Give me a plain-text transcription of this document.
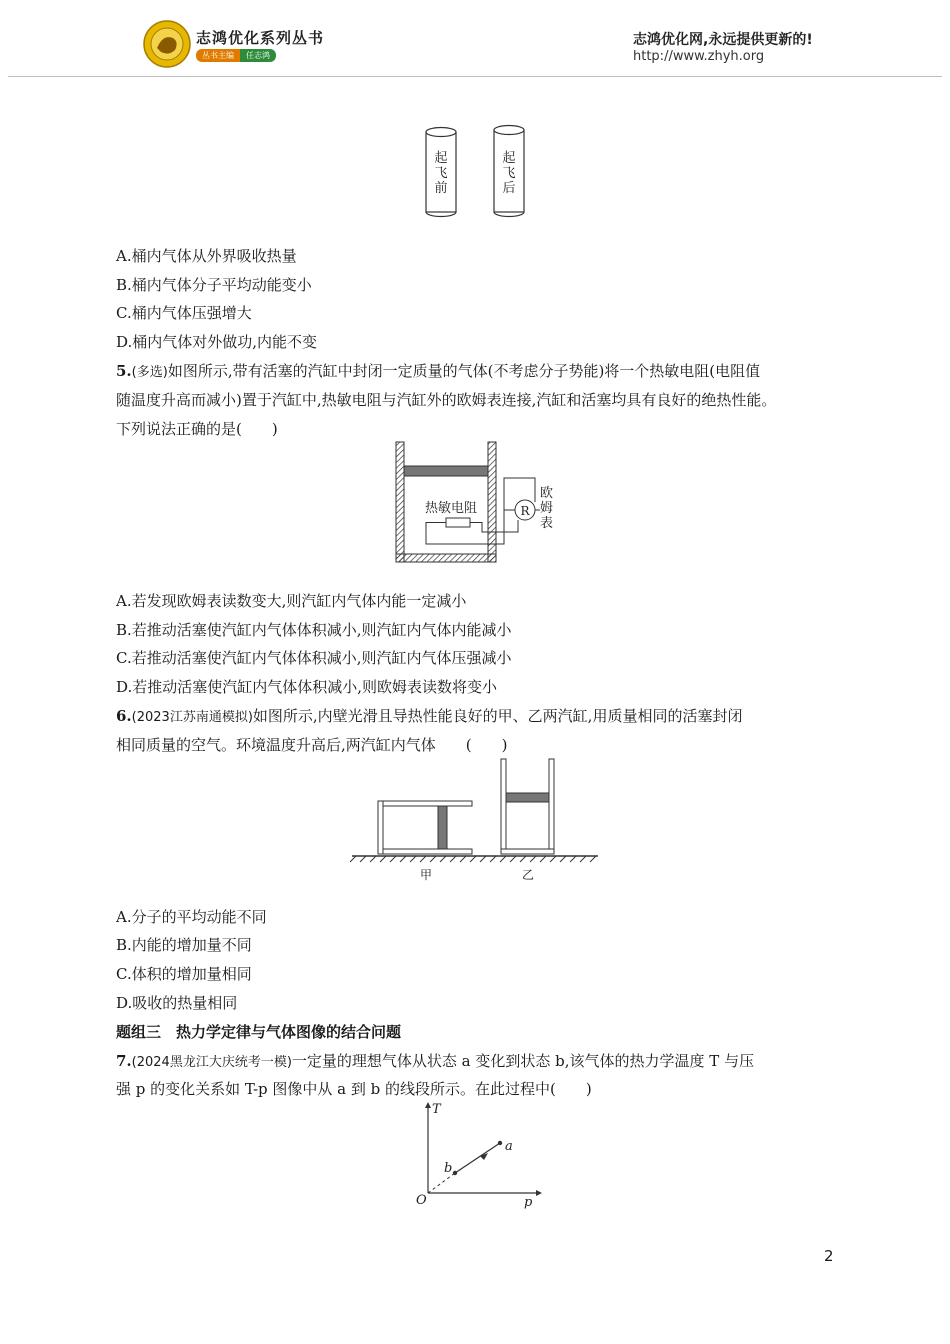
志鸿优化系列丛书
丛书主编 任志鸿
志鸿优化网,永远提供更新的!
http://www.zhyh.org
起
飞
前
起
飞
后
A.桶内气体从外界吸收热量
B.桶内气体分子平均动能变小
C.桶内气体压强增大
D.桶内气体对外做功,内能不变
5.(多选)如图所示,带有活塞的汽缸中封闭一定质量的气体(不考虑分子势能)将一个热敏电阻(电阻值
随温度升高而减小)置于汽缸中,热敏电阻与汽缸外的欧姆表连接,汽缸和活塞均具有良好的绝热性能。
下列说法正确的是(　　)
R
热敏电阻
欧
姆
表
A.若发现欧姆表读数变大,则汽缸内气体内能一定减小
B.若推动活塞使汽缸内气体体积减小,则汽缸内气体内能减小
C.若推动活塞使汽缸内气体体积减小,则汽缸内气体压强减小
D.若推动活塞使汽缸内气体体积减小,则欧姆表读数将变小
6.(2023江苏南通模拟)如图所示,内壁光滑且导热性能良好的甲、乙两汽缸,用质量相同的活塞封闭
相同质量的空气。环境温度升高后,两汽缸内气体　　(　　)
甲	乙
A.分子的平均动能不同
B.内能的增加量不同
C.体积的增加量相同
D.吸收的热量相同
题组三　热力学定律与气体图像的结合问题
7.(2024黑龙江大庆统考一模)一定量的理想气体从状态 a 变化到状态 b,该气体的热力学温度 T 与压
强 p 的变化关系如 T-p 图像中从 a 到 b 的线段所示。在此过程中(　　)
T
p
O
a
b
2
